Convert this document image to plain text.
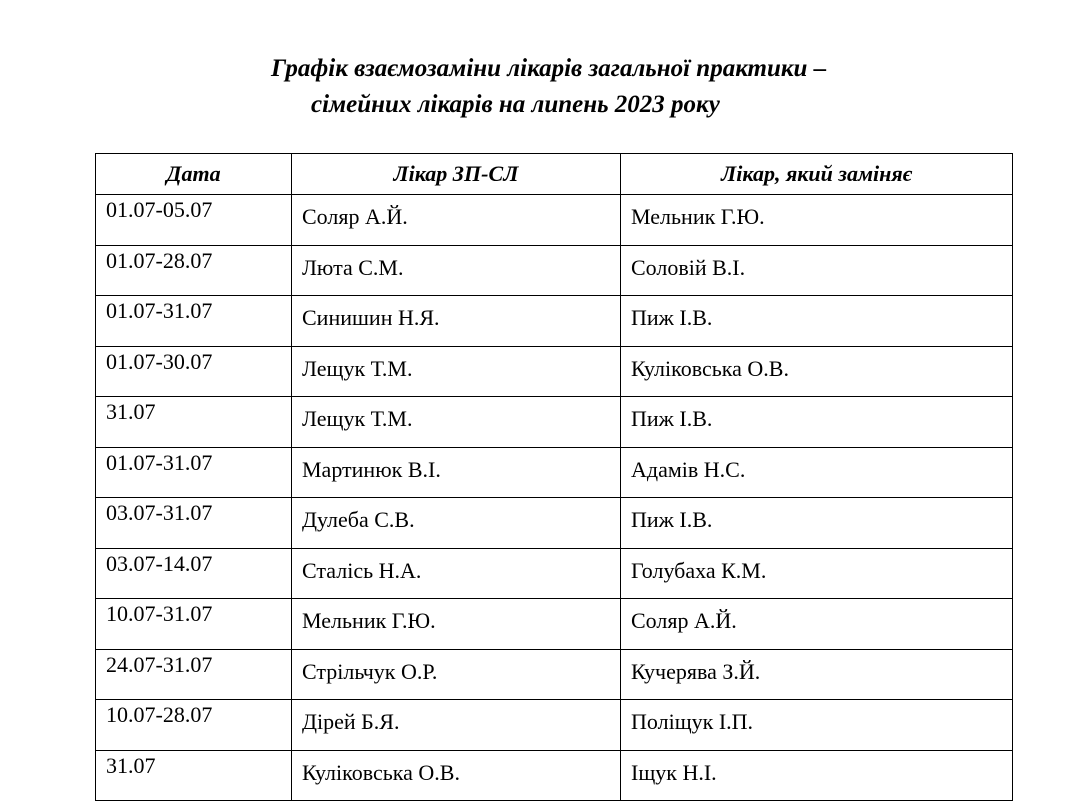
Графік взаємозаміни лікарів загальної практики –
сімейних лікарів на липень 2023 року
Дата	Лікар ЗП-СЛ	Лікар, який заміняє
01.07-05.07	Соляр А.Й.	Мельник Г.Ю.
01.07-28.07	Люта С.М.	Соловій В.І.
01.07-31.07	Синишин Н.Я.	Пиж І.В.
01.07-30.07	Лещук Т.М.	Куліковська О.В.
31.07	Лещук Т.М.	Пиж І.В.
01.07-31.07	Мартинюк В.І.	Адамів Н.С.
03.07-31.07	Дулеба С.В.	Пиж І.В.
03.07-14.07	Сталісь Н.А.	Голубаха К.М.
10.07-31.07	Мельник Г.Ю.	Соляр А.Й.
24.07-31.07	Стрільчук О.Р.	Кучерява З.Й.
10.07-28.07	Дірей Б.Я.	Поліщук І.П.
31.07	Куліковська О.В.	Іщук Н.І.
